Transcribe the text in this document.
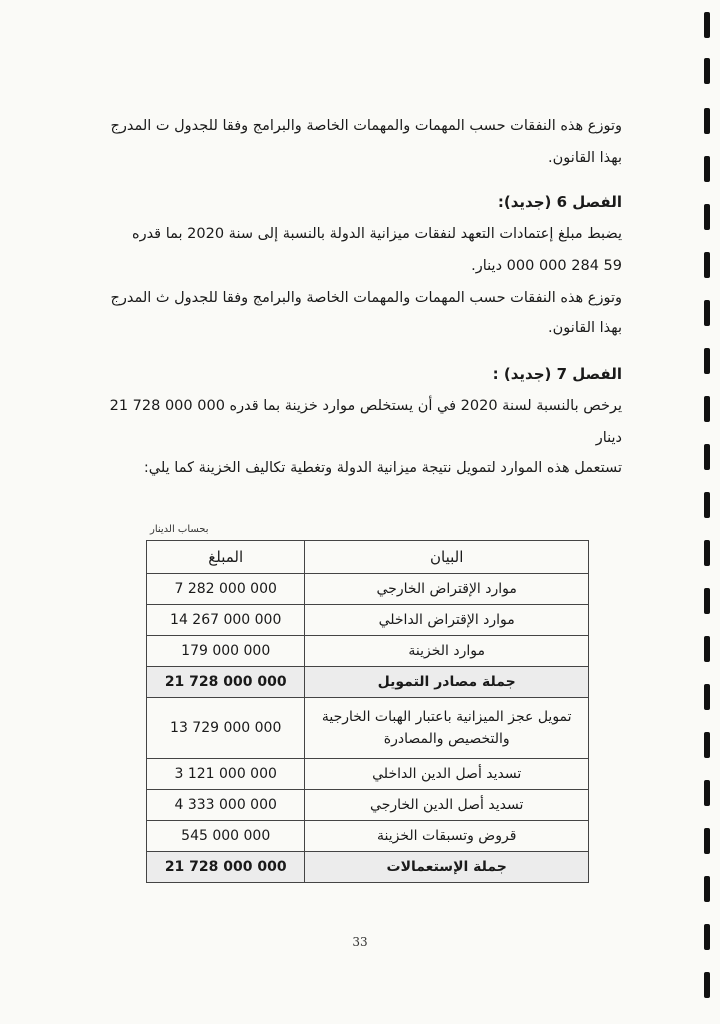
وتوزع هذه النفقات حسب المهمات والمهمات الخاصة والبرامج وفقا للجدول ت المدرج
بهذا القانون.
الفصل 6 (جديد):
يضبط مبلغ إعتمادات التعهد لنفقات ميزانية الدولة بالنسبة إلى سنة 2020 بما قدره
59 284 000 000 دينار.
وتوزع هذه النفقات حسب المهمات والمهمات الخاصة والبرامج وفقا للجدول ث المدرج
بهذا القانون.
الفصل 7 (جديد) :
يرخص بالنسبة لسنة 2020 في أن يستخلص موارد خزينة بما قدره 000 000 728 21
دينار
تستعمل هذه الموارد لتمويل نتيجة ميزانية الدولة وتغطية تكاليف الخزينة كما يلي:
بحساب الدينار
البيان	المبلغ
موارد الإقتراض الخارجي	7 282 000 000
موارد الإقتراض الداخلي	14 267 000 000
موارد الخزينة	179 000 000
جملة مصادر التمويل	21 728 000 000
تمويل عجز الميزانية باعتبار الهبات الخارجية والتخصيص والمصادرة	13 729 000 000
تسديد أصل الدين الداخلي	3 121 000 000
تسديد أصل الدين الخارجي	4 333 000 000
قروض وتسبقات الخزينة	545 000 000
جملة الإستعمالات	21 728 000 000
33
